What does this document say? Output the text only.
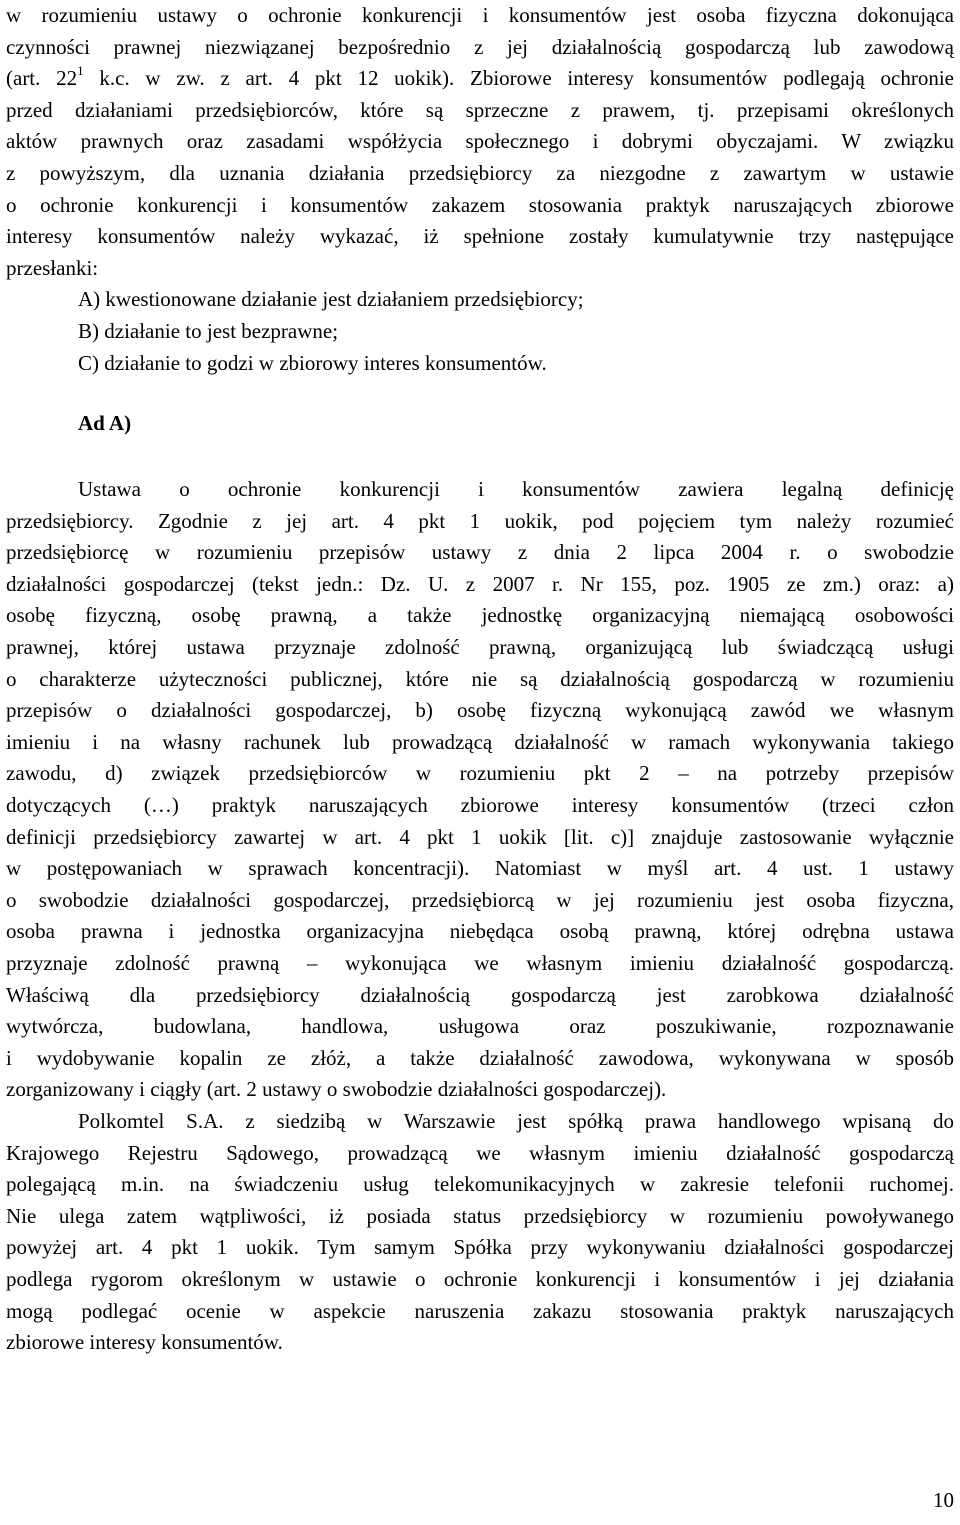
w rozumieniu ustawy o ochronie konkurencji i konsumentów jest osoba fizyczna dokonująca
czynności prawnej niezwiązanej bezpośrednio z jej działalnością gospodarczą lub zawodową
(art. $22^1$ k.c. w zw. z art. 4 pkt 12 uokik). Zbiorowe interesy konsumentów podlegają ochronie
przed działaniami przedsiębiorców, które są sprzeczne z prawem, tj. przepisami określonych
aktów prawnych oraz zasadami współżycia społecznego i dobrymi obyczajami. W związku
z powyższym, dla uznania działania przedsiębiorcy za niezgodne z zawartym w ustawie
o ochronie konkurencji i konsumentów zakazem stosowania praktyk naruszających zbiorowe
interesy konsumentów należy wykazać, iż spełnione zostały kumulatywnie trzy następujące
przesłanki:

A) kwestionowane działanie jest działaniem przedsiębiorcy;
B) działanie to jest bezprawne;
C) działanie to godzi w zbiorowy interes konsumentów.

Ad A)

Ustawa o ochronie konkurencji i konsumentów zawiera legalną definicję
przedsiębiorcy. Zgodnie z jej art. 4 pkt 1 uokik, pod pojęciem tym należy rozumieć
przedsiębiorcę w rozumieniu przepisów ustawy z dnia 2 lipca 2004 r. o swobodzie
działalności gospodarczej (tekst jedn.: Dz. U. z 2007 r. Nr 155, poz. 1905 ze zm.) oraz: a)
osobę fizyczną, osobę prawną, a także jednostkę organizacyjną niemającą osobowości
prawnej, której ustawa przyznaje zdolność prawną, organizującą lub świadczącą usługi
o charakterze użyteczności publicznej, które nie są działalnością gospodarczą w rozumieniu
przepisów o działalności gospodarczej, b) osobę fizyczną wykonującą zawód we własnym
imieniu i na własny rachunek lub prowadzącą działalność w ramach wykonywania takiego
zawodu, d) związek przedsiębiorców w rozumieniu pkt 2 – na potrzeby przepisów
dotyczących (…) praktyk naruszających zbiorowe interesy konsumentów (trzeci człon
definicji przedsiębiorcy zawartej w art. 4 pkt 1 uokik [lit. c)] znajduje zastosowanie wyłącznie
w postępowaniach w sprawach koncentracji). Natomiast w myśl art. 4 ust. 1 ustawy
o swobodzie działalności gospodarczej, przedsiębiorcą w jej rozumieniu jest osoba fizyczna,
osoba prawna i jednostka organizacyjna niebędąca osobą prawną, której odrębna ustawa
przyznaje zdolność prawną – wykonująca we własnym imieniu działalność gospodarczą.
Właściwą dla przedsiębiorcy działalnością gospodarczą jest zarobkowa działalność
wytwórcza, budowlana, handlowa, usługowa oraz poszukiwanie, rozpoznawanie
i wydobywanie kopalin ze złóż, a także działalność zawodowa, wykonywana w sposób
zorganizowany i ciągły (art. 2 ustawy o swobodzie działalności gospodarczej).

Polkomtel S.A. z siedzibą w Warszawie jest spółką prawa handlowego wpisaną do
Krajowego Rejestru Sądowego, prowadzącą we własnym imieniu działalność gospodarczą
polegającą m.in. na świadczeniu usług telekomunikacyjnych w zakresie telefonii ruchomej.
Nie ulega zatem wątpliwości, iż posiada status przedsiębiorcy w rozumieniu powoływanego
powyżej art. 4 pkt 1 uokik. Tym samym Spółka przy wykonywaniu działalności gospodarczej
podlega rygorom określonym w ustawie o ochronie konkurencji i konsumentów i jej działania
mogą podlegać ocenie w aspekcie naruszenia zakazu stosowania praktyk naruszających
zbiorowe interesy konsumentów.

10
